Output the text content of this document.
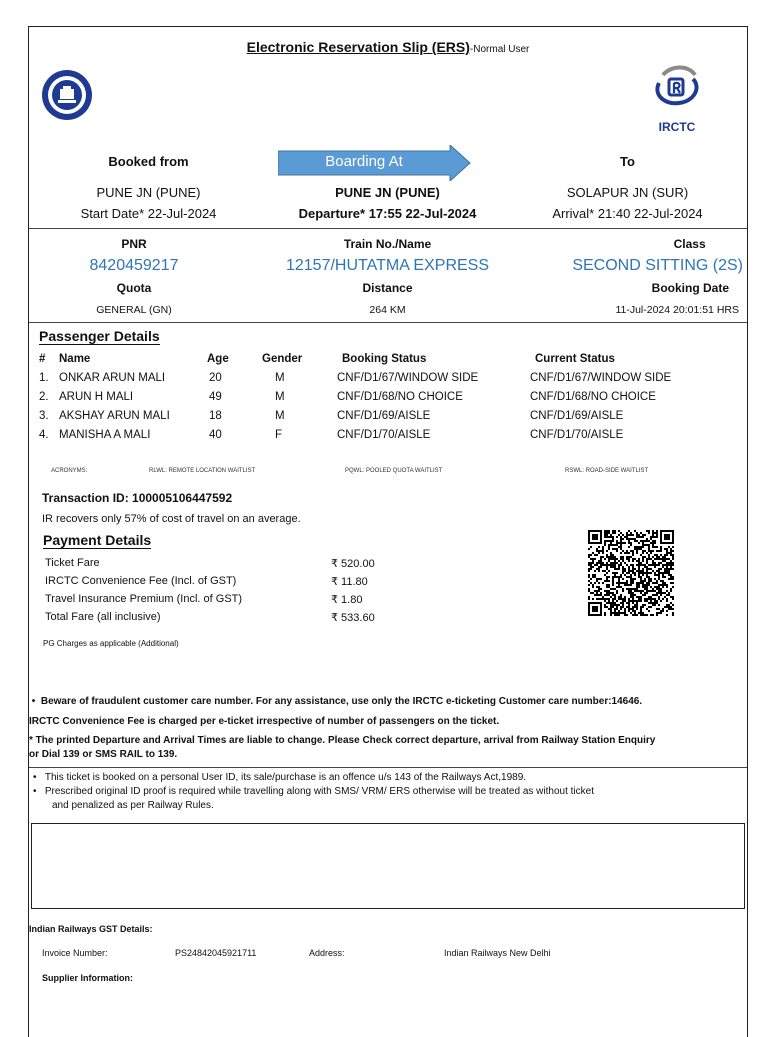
Electronic Reservation Slip (ERS)-Normal User
IRCTC
Booked from	Boarding At	To
PUNE JN (PUNE)	PUNE JN (PUNE)	SOLAPUR JN (SUR)
Start Date* 22-Jul-2024	Departure* 17:55 22-Jul-2024	Arrival* 21:40 22-Jul-2024
PNR	Train No./Name	Class
8420459217	12157/HUTATMA EXPRESS	SECOND SITTING (2S)
Quota	Distance	Booking Date
GENERAL (GN)	264 KM	11-Jul-2024 20:01:51 HRS
Passenger Details
# Name	Age	Gender	Booking Status	Current Status
1. ONKAR ARUN MALI	20	M	CNF/D1/67/WINDOW SIDE	CNF/D1/67/WINDOW SIDE
2. ARUN H MALI	49	M	CNF/D1/68/NO CHOICE	CNF/D1/68/NO CHOICE
3. AKSHAY ARUN MALI	18	M	CNF/D1/69/AISLE	CNF/D1/69/AISLE
4. MANISHA A MALI	40	F	CNF/D1/70/AISLE	CNF/D1/70/AISLE
ACRONYMS:	RLWL: REMOTE LOCATION WAITLIST	PQWL: POOLED QUOTA WAITLIST	RSWL: ROAD-SIDE WAITLIST
Transaction ID: 100005106447592
IR recovers only 57% of cost of travel on an average.
Payment Details
Ticket Fare	₹ 520.00
IRCTC Convenience Fee (Incl. of GST)	₹ 11.80
Travel Insurance Premium (Incl. of GST)	₹ 1.80
Total Fare (all inclusive)	₹ 533.60
PG Charges as applicable (Additional)
•  Beware of fraudulent customer care number. For any assistance, use only the IRCTC e-ticketing Customer care number:14646.
IRCTC Convenience Fee is charged per e-ticket irrespective of number of passengers on the ticket.
* The printed Departure and Arrival Times are liable to change. Please Check correct departure, arrival from Railway Station Enquiry
or Dial 139 or SMS RAIL to 139.
•   This ticket is booked on a personal User ID, its sale/purchase is an offence u/s 143 of the Railways Act,1989.
•   Prescribed original ID proof is required while travelling along with SMS/ VRM/ ERS otherwise will be treated as without ticket
and penalized as per Railway Rules.
Indian Railways GST Details:
Invoice Number:	PS24842045921711	Address:	Indian Railways New Delhi
Supplier Information:
